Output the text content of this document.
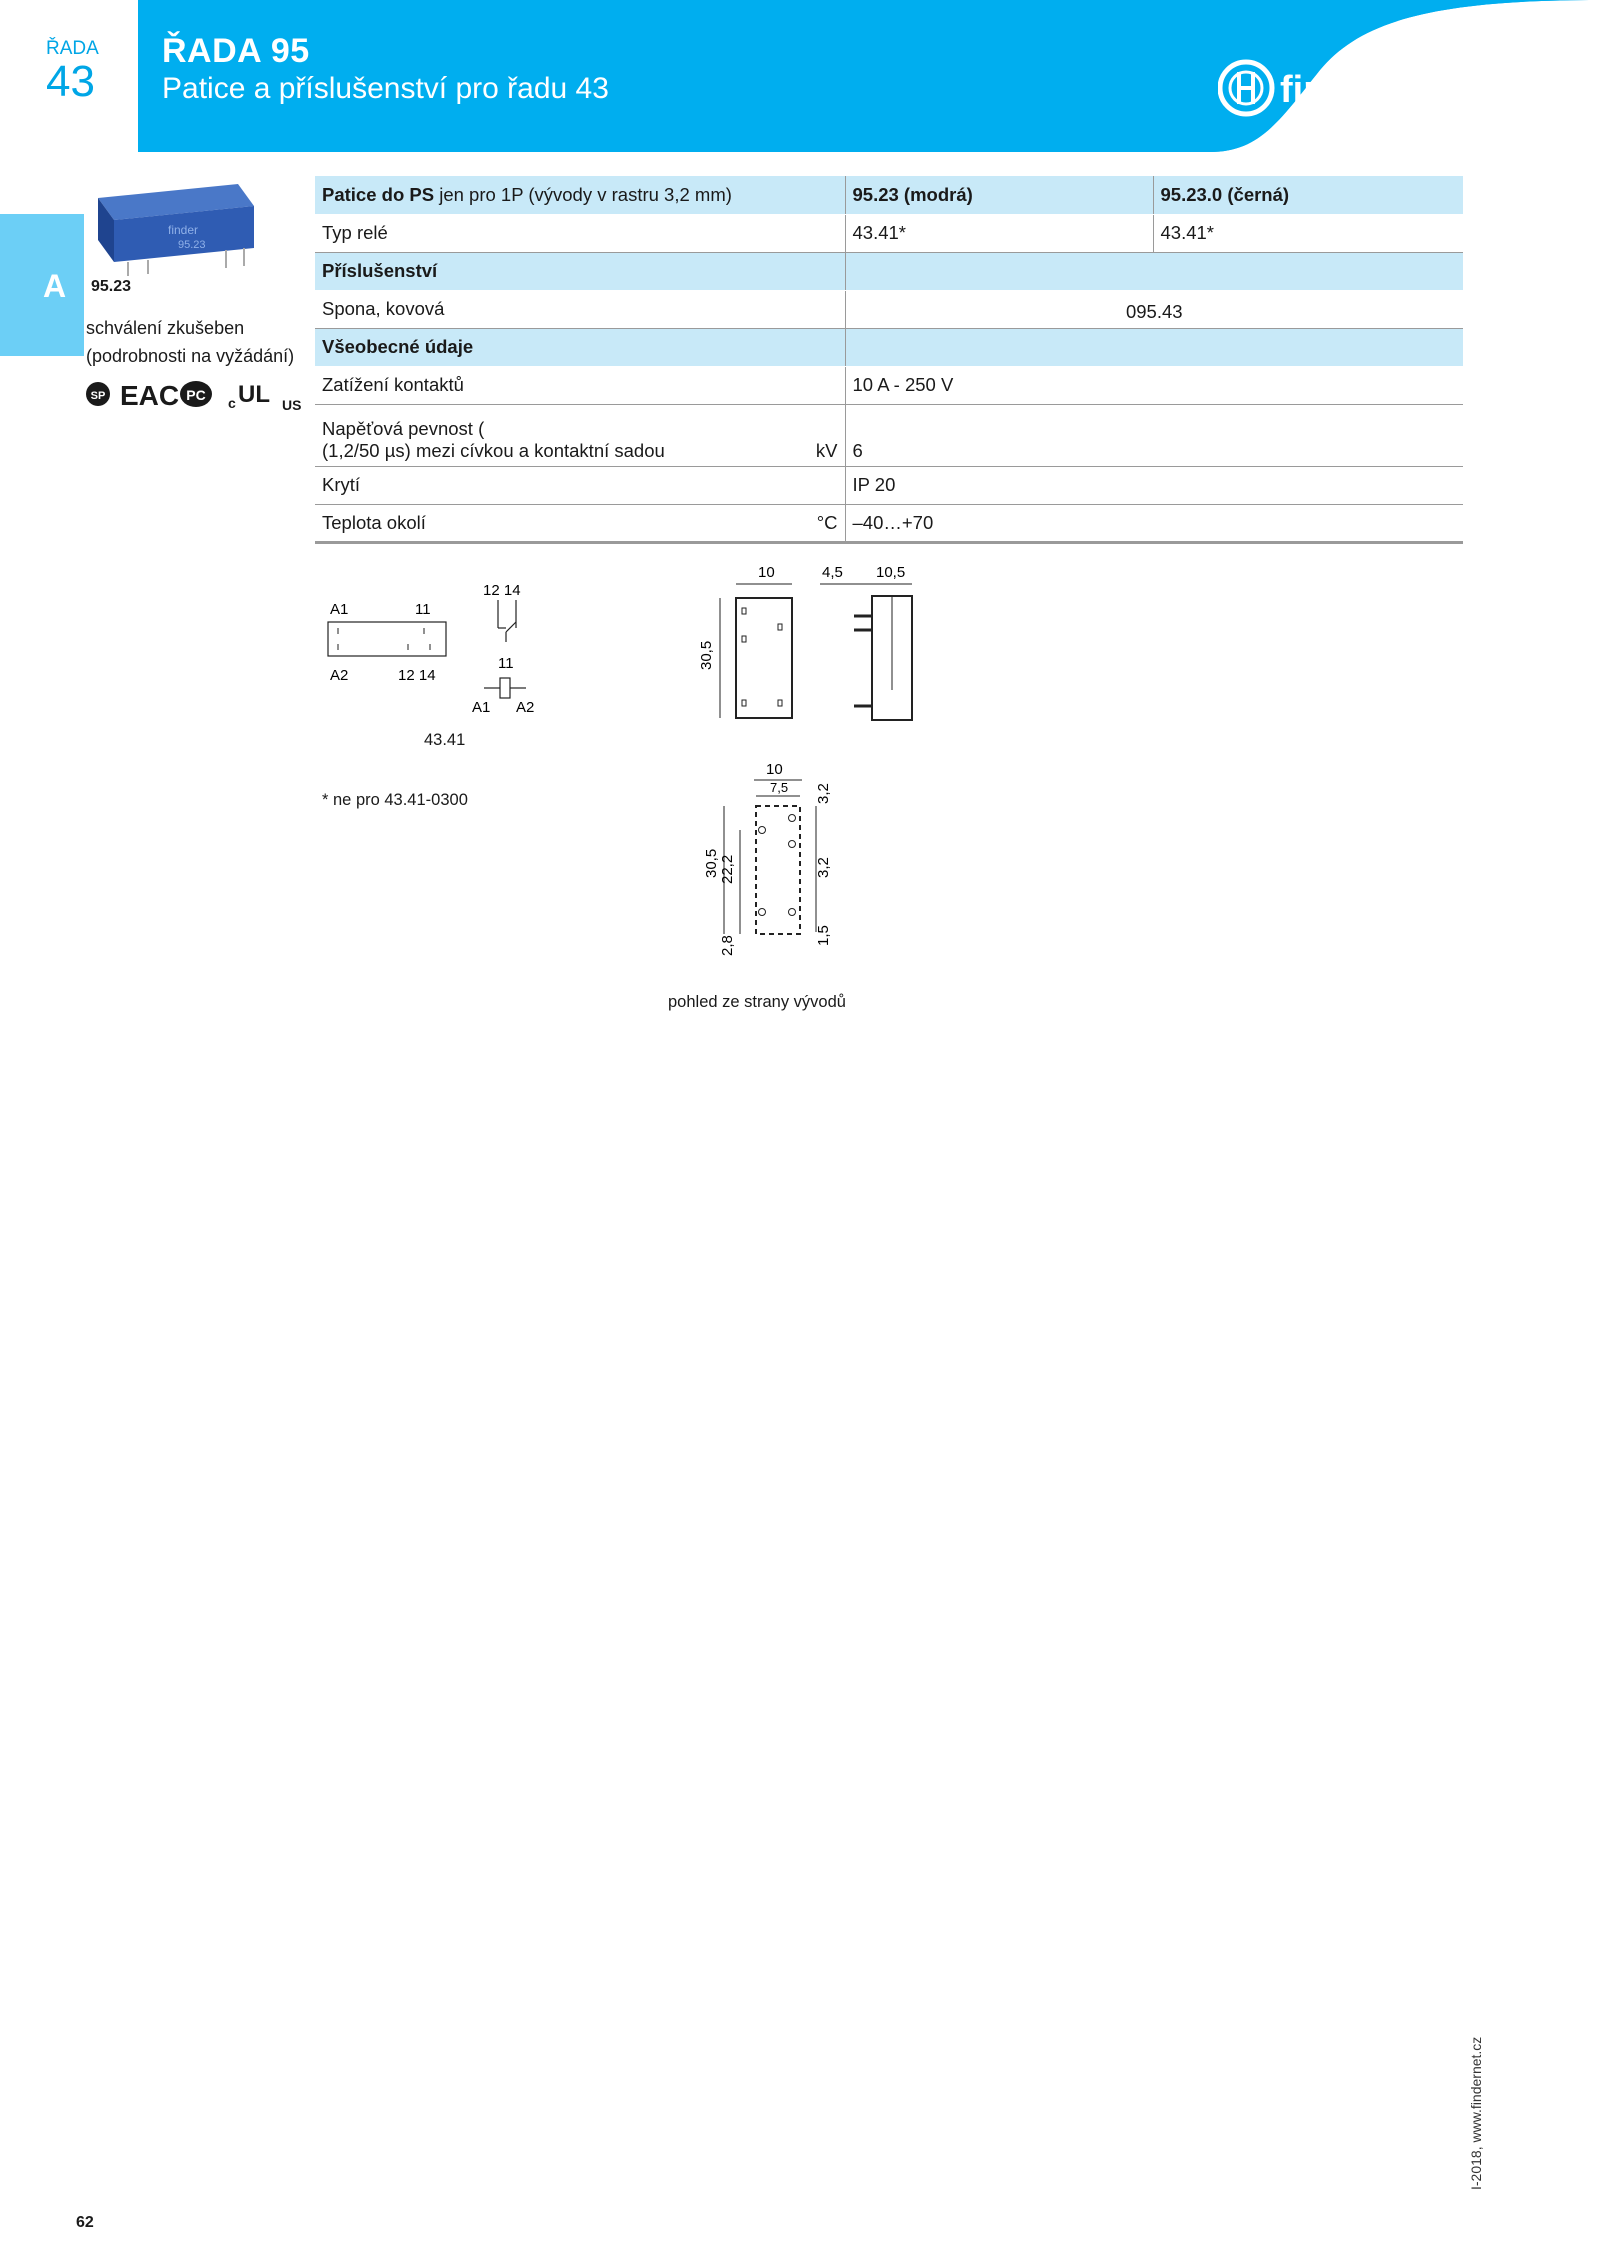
ŘADA
43
ŘADA 95
Patice a příslušenství pro řadu 43	finder
A
finder
95.23
95.23
schválení zkušeben
(podrobnosti na vyžádání)
SP EAC PC c UL US
Patice do PS jen pro 1P (vývody v rastru 3,2 mm)	95.23 (modrá)	95.23.0 (černá)
Typ relé	43.41*	43.41*
Příslušenství		
Spona, kovová	095.43	
Všeobecné údaje		
Zatížení kontaktů	10 A - 250 V	

Napěťová pevnost (
(1,2/50 µs) mezi cívkou a kontaktní sadou kV	6	
Krytí	IP 20	
Teplota okolí °C	–40…+70	
A1	11
A2	12 14
12 14
11
A1 A2
43.41
10
30,5
4,5 10,5
10
7,5
30,5 22,2
2,8
3,2
3,2
1,5
* ne pro 43.41-0300
pohled ze strany vývodů
62
I-2018, www.findernet.cz
